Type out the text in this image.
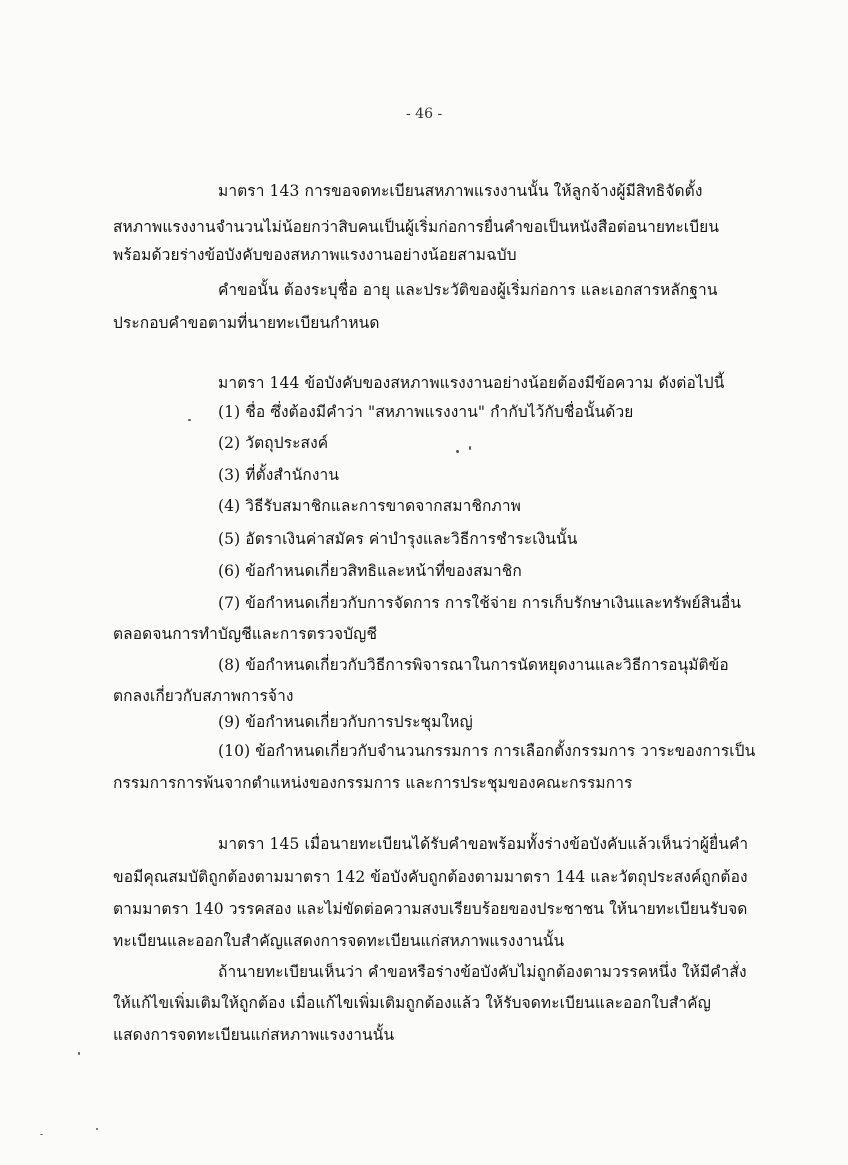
- 46 -
มาตรา 143 การขอจดทะเบียนสหภาพแรงงานนั้น ให้ลูกจ้างผู้มีสิทธิจัดตั้ง
สหภาพแรงงานจำนวนไม่น้อยกว่าสิบคนเป็นผู้เริ่มก่อการยื่นคำขอเป็นหนังสือต่อนายทะเบียน
พร้อมด้วยร่างข้อบังคับของสหภาพแรงงานอย่างน้อยสามฉบับ
คำขอนั้น ต้องระบุชื่อ อายุ และประวัติของผู้เริ่มก่อการ และเอกสารหลักฐาน
ประกอบคำขอตามที่นายทะเบียนกำหนด
มาตรา 144 ข้อบังคับของสหภาพแรงงานอย่างน้อยต้องมีข้อความ ดังต่อไปนี้
(1) ชื่อ ซึ่งต้องมีคำว่า "สหภาพแรงงาน" กำกับไว้กับชื่อนั้นด้วย
(2) วัตถุประสงค์
(3) ที่ตั้งสำนักงาน
(4) วิธีรับสมาชิกและการขาดจากสมาชิกภาพ
(5) อัตราเงินค่าสมัคร ค่าบำรุงและวิธีการชำระเงินนั้น
(6) ข้อกำหนดเกี่ยวสิทธิและหน้าที่ของสมาชิก
(7) ข้อกำหนดเกี่ยวกับการจัดการ การใช้จ่าย การเก็บรักษาเงินและทรัพย์สินอื่น
ตลอดจนการทำบัญชีและการตรวจบัญชี
(8) ข้อกำหนดเกี่ยวกับวิธีการพิจารณาในการนัดหยุดงานและวิธีการอนุมัติข้อ
ตกลงเกี่ยวกับสภาพการจ้าง
(9) ข้อกำหนดเกี่ยวกับการประชุมใหญ่
(10) ข้อกำหนดเกี่ยวกับจำนวนกรรมการ การเลือกตั้งกรรมการ วาระของการเป็น
กรรมการการพ้นจากตำแหน่งของกรรมการ และการประชุมของคณะกรรมการ
มาตรา 145 เมื่อนายทะเบียนได้รับคำขอพร้อมทั้งร่างข้อบังคับแล้วเห็นว่าผู้ยื่นคำ
ขอมีคุณสมบัติถูกต้องตามมาตรา 142 ข้อบังคับถูกต้องตามมาตรา 144 และวัตถุประสงค์ถูกต้อง
ตามมาตรา 140 วรรคสอง และไม่ขัดต่อความสงบเรียบร้อยของประชาชน ให้นายทะเบียนรับจด
ทะเบียนและออกใบสำคัญแสดงการจดทะเบียนแก่สหภาพแรงงานนั้น
ถ้านายทะเบียนเห็นว่า คำขอหรือร่างข้อบังคับไม่ถูกต้องตามวรรคหนึ่ง ให้มีคำสั่ง
ให้แก้ไขเพิ่มเติมให้ถูกต้อง เมื่อแก้ไขเพิ่มเติมถูกต้องแล้ว ให้รับจดทะเบียนและออกใบสำคัญ
แสดงการจดทะเบียนแก่สหภาพแรงงานนั้น
